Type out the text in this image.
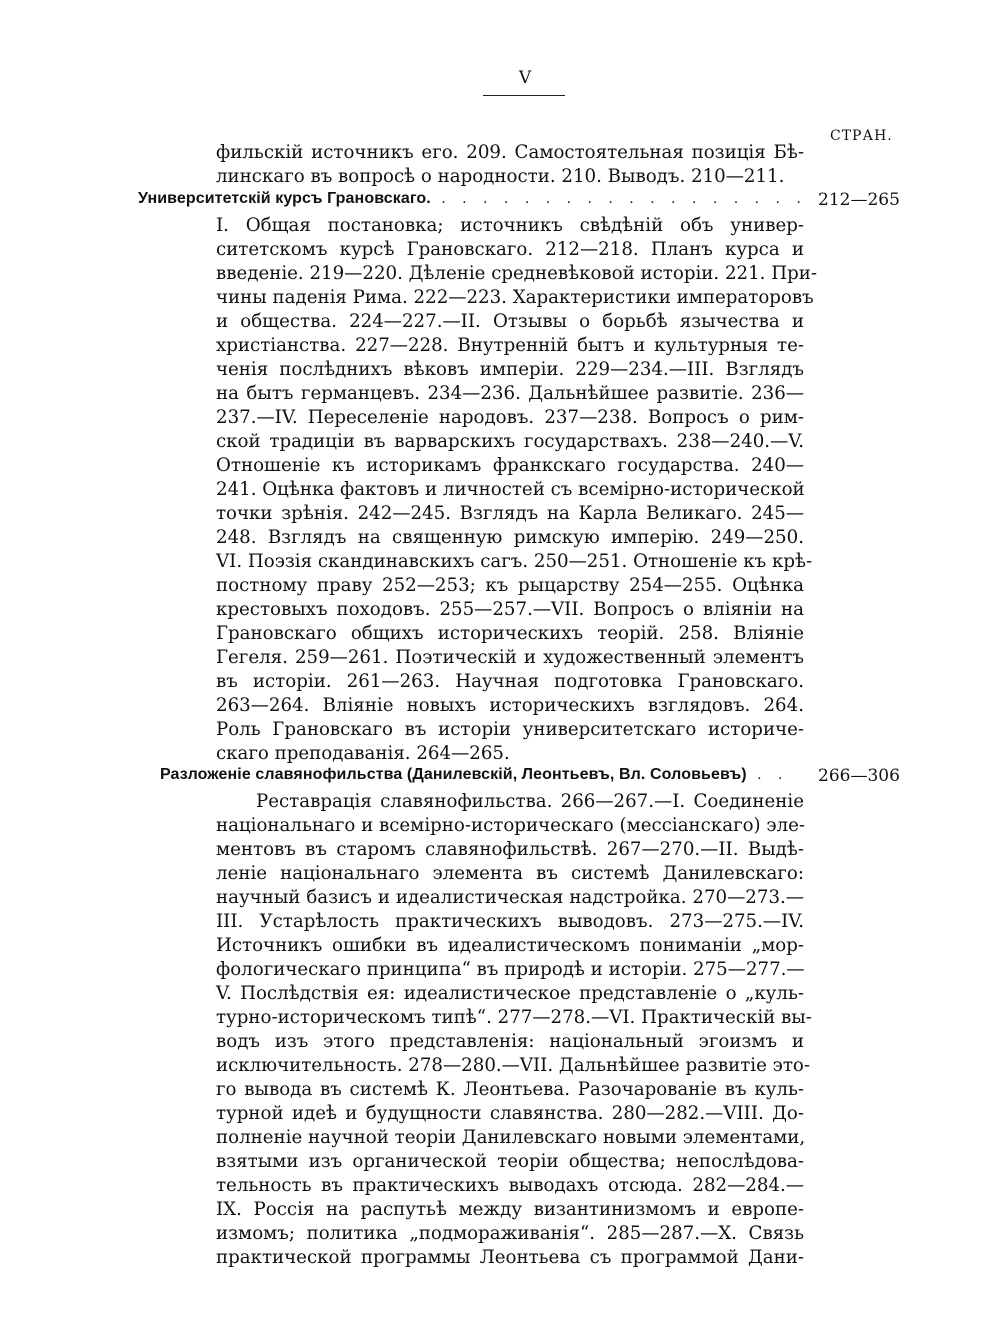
V
СТРАН.
фильскій источникъ его. 209. Самостоятельная позиція Бѣ-
линскаго въ вопросѣ о народности. 210. Выводъ. 210—211.
Университетскій курсъ Грановскаго. . . . . . . . . . . . . . . . . . . 212—265
I. Общая постановка; источникъ свѣдѣній объ универ-
ситетскомъ курсѣ Грановскаго. 212—218. Планъ курса и
введеніе. 219—220. Дѣленіе средневѣковой исторіи. 221. При-
чины паденія Рима. 222—223. Характеристики императоровъ
и общества. 224—227.—II. Отзывы о борьбѣ язычества и
христіанства. 227—228. Внутренній бытъ и культурныя те-
ченія послѣднихъ вѣковъ имперіи. 229—234.—III. Взглядъ
на бытъ германцевъ. 234—236. Дальнѣйшее развитіе. 236—
237.—IV. Переселеніе народовъ. 237—238. Вопросъ о рим-
ской традиціи въ варварскихъ государствахъ. 238—240.—V.
Отношеніе къ историкамъ франкскаго государства. 240—
241. Оцѣнка фактовъ и личностей съ всемірно-исторической
точки зрѣнія. 242—245. Взглядъ на Карла Великаго. 245—
248. Взглядъ на священную римскую имперію. 249—250.
VI. Поэзія скандинавскихъ сагъ. 250—251. Отношеніе къ крѣ-
постному праву 252—253; къ рыцарству 254—255. Оцѣнка
крестовыхъ походовъ. 255—257.—VII. Вопросъ о вліяніи на
Грановскаго общихъ историческихъ теорій. 258. Вліяніе
Гегеля. 259—261. Поэтическій и художественный элементъ
въ исторіи. 261—263. Научная подготовка Грановскаго.
263—264. Вліяніе новыхъ историческихъ взглядовъ. 264.
Роль Грановскаго въ исторіи университетскаго историче-
скаго преподаванія. 264—265.
Разложеніе славянофильства (Данилевскій, Леонтьевъ, Вл. Соловьевъ) . . 266—306
Реставрація славянофильства. 266—267.—I. Соединеніе
національнаго и всемірно-историческаго (мессіанскаго) эле-
ментовъ въ старомъ славянофильствѣ. 267—270.—II. Выдѣ-
леніе національнаго элемента въ системѣ Данилевскаго:
научный базисъ и идеалистическая надстройка. 270—273.—
III. Устарѣлость практическихъ выводовъ. 273—275.—IV.
Источникъ ошибки въ идеалистическомъ пониманіи „мор-
фологическаго принципа“ въ природѣ и исторіи. 275—277.—
V. Послѣдствія ея: идеалистическое представленіе о „куль-
турно-историческомъ типѣ“. 277—278.—VI. Практическій вы-
водъ изъ этого представленія: національный эгоизмъ и
исключительность. 278—280.—VII. Дальнѣйшее развитіе это-
го вывода въ системѣ К. Леонтьева. Разочарованіе въ куль-
турной идеѣ и будущности славянства. 280—282.—VIII. До-
полненіе научной теоріи Данилевскаго новыми элементами,
взятыми изъ органической теоріи общества; непослѣдова-
тельность въ практическихъ выводахъ отсюда. 282—284.—
IX. Россія на распутьѣ между византинизмомъ и европе-
измомъ; политика „подмораживанія“. 285—287.—X. Связь
практической программы Леонтьева съ программой Дани-
